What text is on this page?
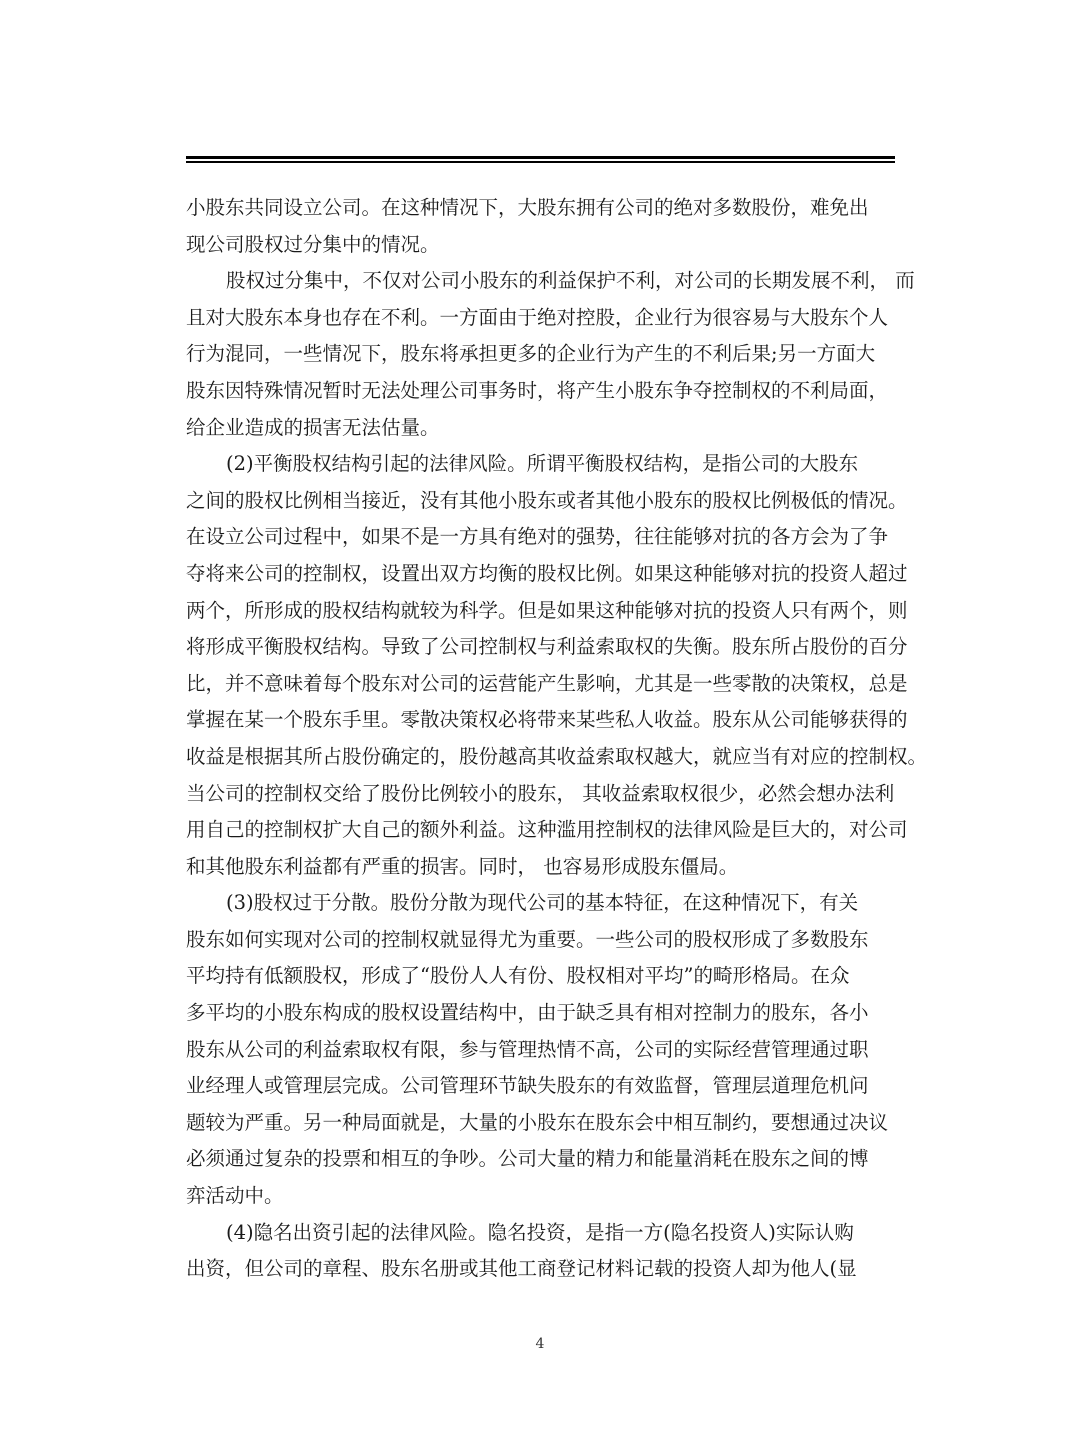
小股东共同设立公司。在这种情况下，大股东拥有公司的绝对多数股份，难免出
现公司股权过分集中的情况。
股权过分集中，不仅对公司小股东的利益保护不利，对公司的长期发展不利， 而
且对大股东本身也存在不利。一方面由于绝对控股，企业行为很容易与大股东个人
行为混同，一些情况下，股东将承担更多的企业行为产生的不利后果;另一方面大
股东因特殊情况暂时无法处理公司事务时，将产生小股东争夺控制权的不利局面，
给企业造成的损害无法估量。
(2)平衡股权结构引起的法律风险。所谓平衡股权结构，是指公司的大股东
之间的股权比例相当接近，没有其他小股东或者其他小股东的股权比例极低的情况。
在设立公司过程中，如果不是一方具有绝对的强势，往往能够对抗的各方会为了争
夺将来公司的控制权，设置出双方均衡的股权比例。如果这种能够对抗的投资人超过
两个，所形成的股权结构就较为科学。但是如果这种能够对抗的投资人只有两个，则
将形成平衡股权结构。导致了公司控制权与利益索取权的失衡。股东所占股份的百分
比，并不意味着每个股东对公司的运营能产生影响，尤其是一些零散的决策权，总是
掌握在某一个股东手里。零散决策权必将带来某些私人收益。股东从公司能够获得的
收益是根据其所占股份确定的，股份越高其收益索取权越大，就应当有对应的控制权。
当公司的控制权交给了股份比例较小的股东， 其收益索取权很少，必然会想办法利
用自己的控制权扩大自己的额外利益。这种滥用控制权的法律风险是巨大的，对公司
和其他股东利益都有严重的损害。同时， 也容易形成股东僵局。
(3)股权过于分散。股份分散为现代公司的基本特征，在这种情况下，有关
股东如何实现对公司的控制权就显得尤为重要。一些公司的股权形成了多数股东
平均持有低额股权，形成了“股份人人有份、股权相对平均”的畸形格局。在众
多平均的小股东构成的股权设置结构中，由于缺乏具有相对控制力的股东，各小
股东从公司的利益索取权有限，参与管理热情不高，公司的实际经营管理通过职
业经理人或管理层完成。公司管理环节缺失股东的有效监督，管理层道理危机问
题较为严重。另一种局面就是，大量的小股东在股东会中相互制约，要想通过决议
必须通过复杂的投票和相互的争吵。公司大量的精力和能量消耗在股东之间的博
弈活动中。
(4)隐名出资引起的法律风险。隐名投资，是指一方(隐名投资人)实际认购
出资，但公司的章程、股东名册或其他工商登记材料记载的投资人却为他人(显
4
